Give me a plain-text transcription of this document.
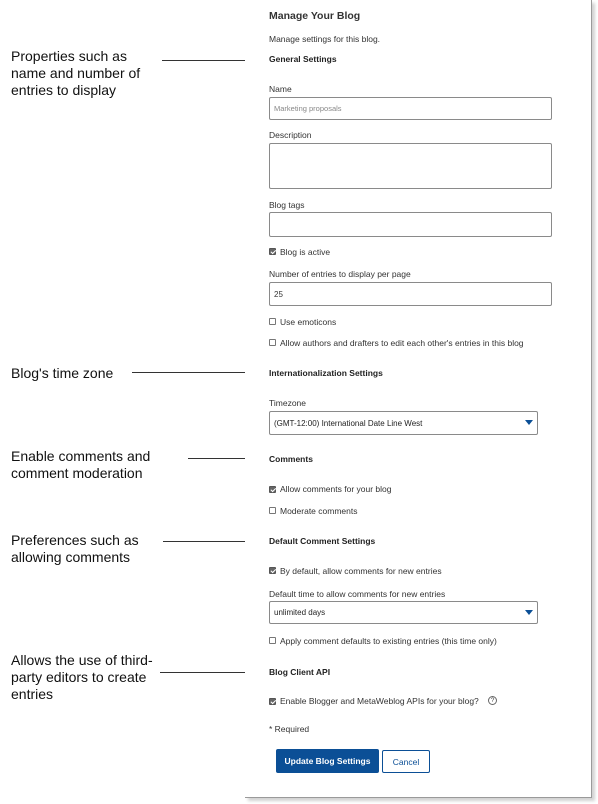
Properties such as
name and number of
entries to display
Blog's time zone
Enable comments and
comment moderation
Preferences such as
allowing comments
Allows the use of third-
party editors to create
entries
Manage Your Blog
Manage settings for this blog.
General Settings
Name
Marketing proposals
Description
Blog tags
Blog is active
Number of entries to display per page
25
Use emoticons
Allow authors and drafters to edit each other's entries in this blog
Internationalization Settings
Timezone
(GMT-12:00) International Date Line West
Comments
Allow comments for your blog
Moderate comments
Default Comment Settings
By default, allow comments for new entries
Default time to allow comments for new entries
unlimited days
Apply comment defaults to existing entries (this time only)
Blog Client API
Enable Blogger and MetaWeblog APIs for your blog?	?
* Required
Update Blog Settings	Cancel
